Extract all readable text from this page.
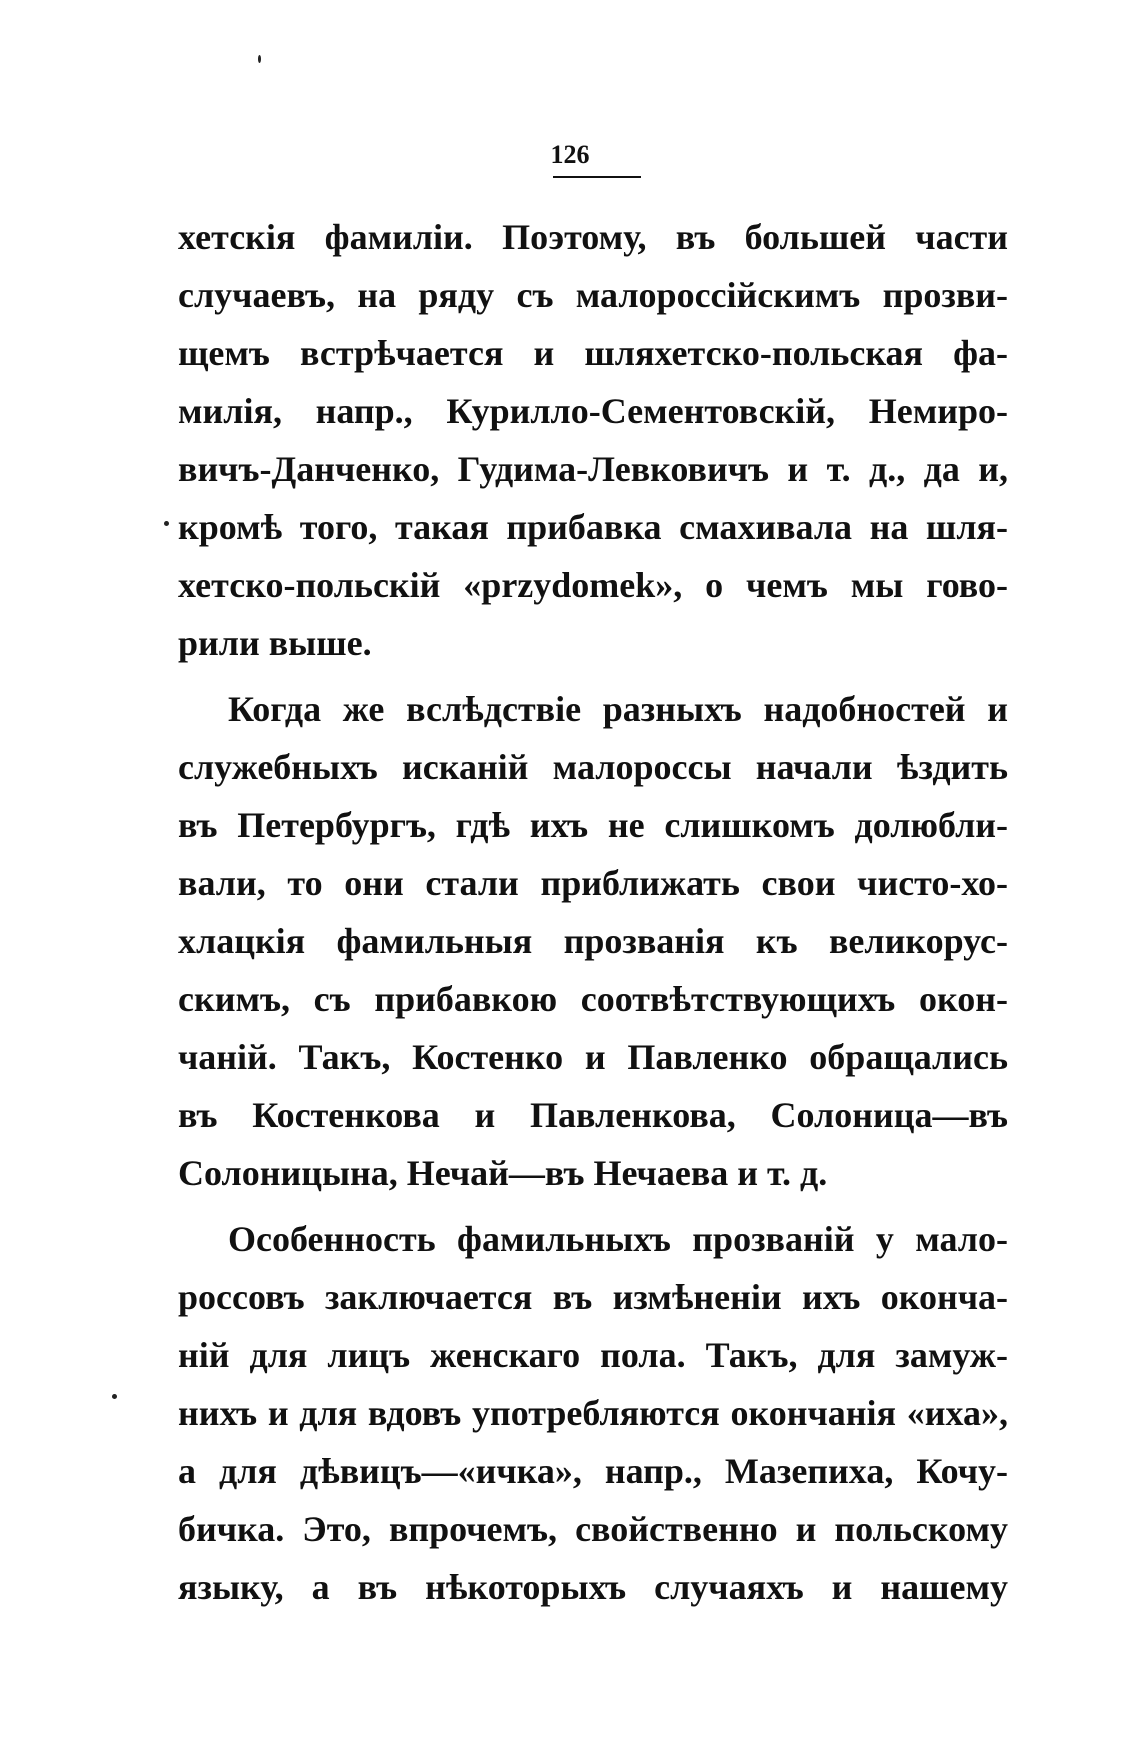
126
хетскія фамиліи. Поэтому, въ большей части
случаевъ, на ряду съ малороссійскимъ прозви-
щемъ встрѣчается и шляхетско-польская фа-
милія, напр., Курилло-Сементовскій, Немиро-
вичъ-Данченко, Гудима-Левковичъ и т. д., да и,
кромѣ того, такая прибавка смахивала на шля-
хетско-польскій «przydomek», о чемъ мы гово-
рили выше.
Когда же вслѣдствіе разныхъ надобностей и
служебныхъ исканій малороссы начали ѣздить
въ Петербургъ, гдѣ ихъ не слишкомъ долюбли-
вали, то они стали приближать свои чисто-хо-
хлацкія фамильныя прозванія къ великорус-
скимъ, съ прибавкою соотвѣтствующихъ окон-
чаній. Такъ, Костенко и Павленко обращались
въ Костенкова и Павленкова, Солоница—въ
Солоницына, Нечай—въ Нечаева и т. д.
Особенность фамильныхъ прозваній у мало-
россовъ заключается въ измѣненіи ихъ оконча-
ній для лицъ женскаго пола. Такъ, для замуж-
нихъ и для вдовъ употребляются окончанія «иха»,
а для дѣвицъ—«ичка», напр., Мазепиха, Кочу-
бичка. Это, впрочемъ, свойственно и польскому
языку, а въ нѣкоторыхъ случаяхъ и нашему
